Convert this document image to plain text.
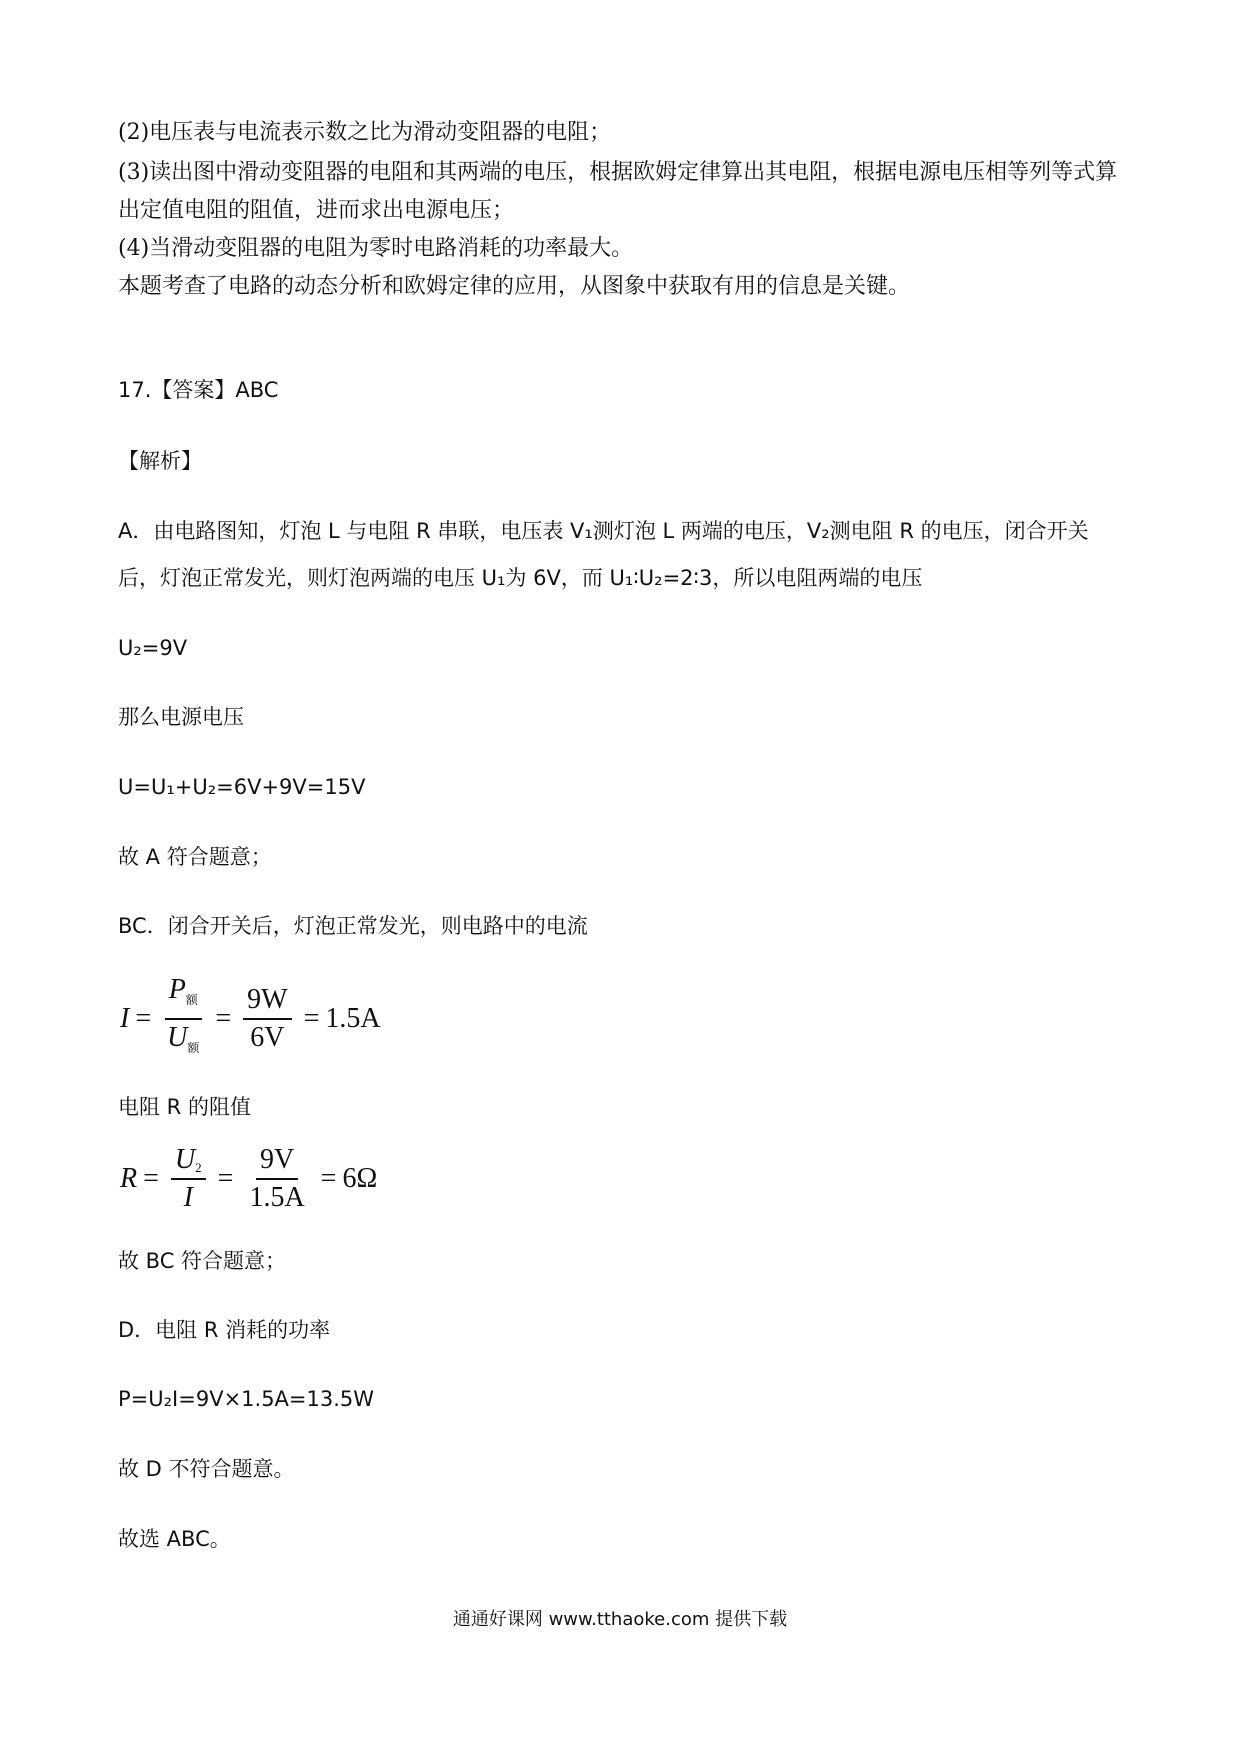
(2)电压表与电流表示数之比为滑动变阻器的电阻；
(3)读出图中滑动变阻器的电阻和其两端的电压，根据欧姆定律算出其电阻，根据电源电压相等列等式算
出定值电阻的阻值，进而求出电源电压；
(4)当滑动变阻器的电阻为零时电路消耗的功率最大。
本题考查了电路的动态分析和欧姆定律的应用，从图象中获取有用的信息是关键。
17.【答案】ABC
【解析】
A．由电路图知，灯泡 L 与电阻 R 串联，电压表 V₁测灯泡 L 两端的电压，V₂测电阻 R 的电压，闭合开关
后，灯泡正常发光，则灯泡两端的电压 U₁为 6V，而 U₁∶U₂=2∶3，所以电阻两端的电压
U₂=9V
那么电源电压
U=U₁+U₂=6V+9V=15V
故 A 符合题意；
BC．闭合开关后，灯泡正常发光，则电路中的电流
$I = \frac{P_额}{U_额} = \frac{9W}{6V} = 1.5A$
电阻 R 的阻值
$R = \frac{U_2}{I} = \frac{9V}{1.5A} = 6\Omega$
故 BC 符合题意；
D．电阻 R 消耗的功率
P=U₂I=9V×1.5A=13.5W
故 D 不符合题意。
故选 ABC。
通通好课网 www.tthaoke.com 提供下载
